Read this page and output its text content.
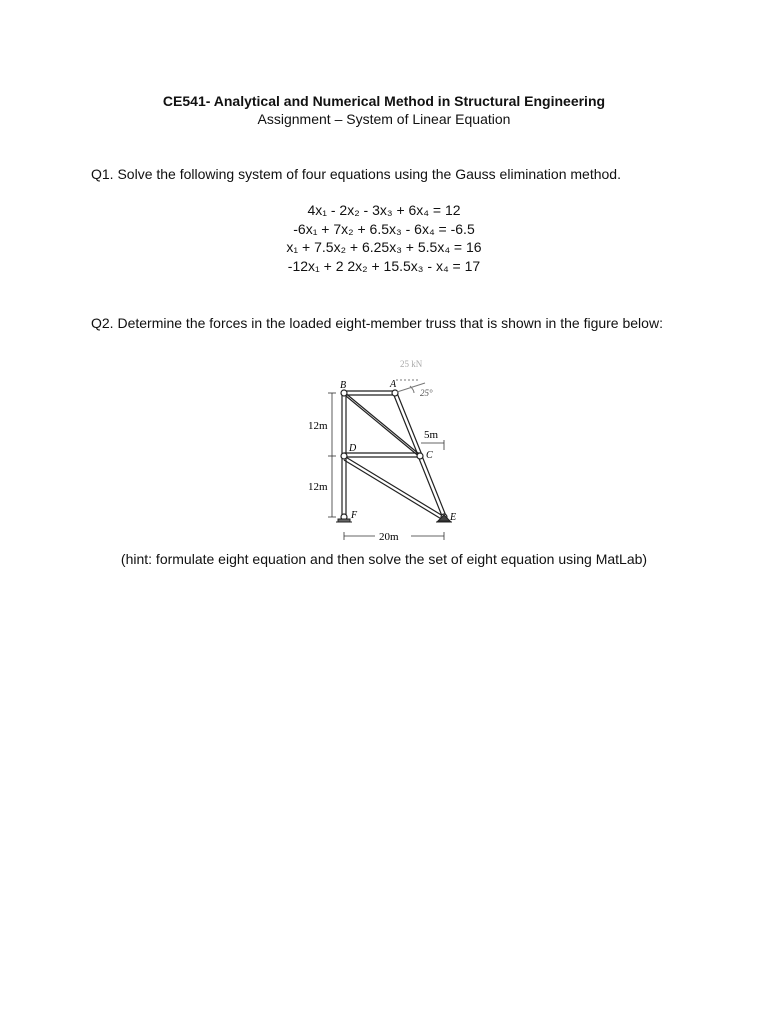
CE541- Analytical and Numerical Method in Structural Engineering
Assignment – System of Linear Equation
Q1. Solve the following system of four equations using the Gauss elimination method.
4x₁ - 2x₂ - 3x₃ + 6x₄ = 12
-6x₁ + 7x₂ + 6.5x₃ - 6x₄ = -6.5
x₁ + 7.5x₂ + 6.25x₃ + 5.5x₄ = 16
-12x₁ + 2 2x₂ + 15.5x₃ - x₄ = 17
Q2. Determine the forces in the loaded eight-member truss that is shown in the figure below:
25 kN
25°
B	A
D
C
E
F
12m
12m
5m
20m
(hint: formulate eight equation and then solve the set of eight equation using MatLab)
